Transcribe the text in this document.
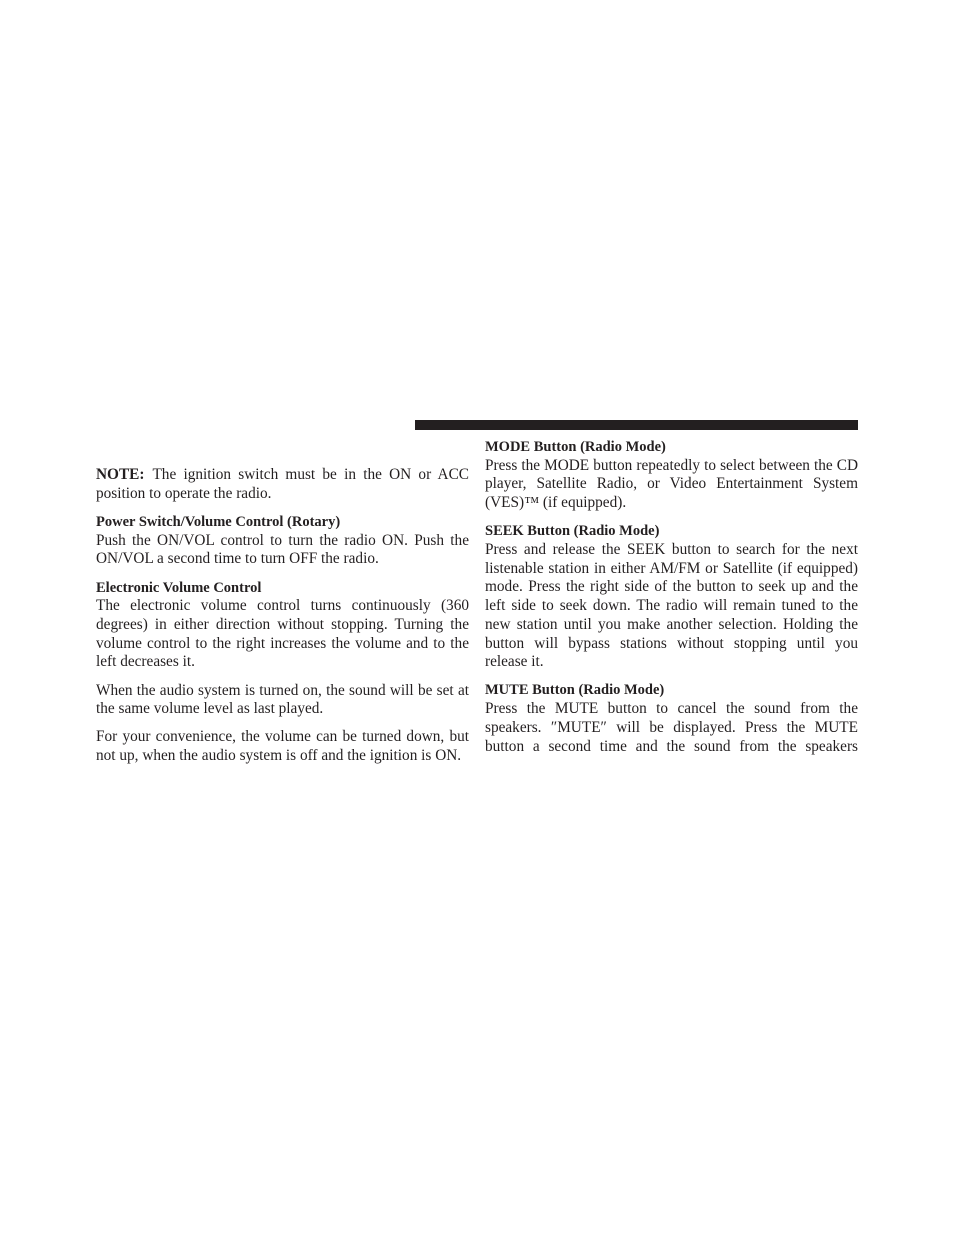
NOTE: The ignition switch must be in the ON or ACC position to operate the radio.

Power Switch/Volume Control (Rotary)

Push the ON/VOL control to turn the radio ON. Push the ON/VOL a second time to turn OFF the radio.

Electronic Volume Control

The electronic volume control turns continuously (360 degrees) in either direction without stopping. Turning the volume control to the right increases the volume and to the left decreases it.

When the audio system is turned on, the sound will be set at the same volume level as last played.

For your convenience, the volume can be turned down, but not up, when the audio system is off and the ignition is ON.

MODE Button (Radio Mode)

Press the MODE button repeatedly to select between the CD player, Satellite Radio, or Video Entertainment System (VES)™ (if equipped).

SEEK Button (Radio Mode)

Press and release the SEEK button to search for the next listenable station in either AM/FM or Satellite (if equipped) mode. Press the right side of the button to seek up and the left side to seek down. The radio will remain tuned to the new station until you make another selection. Holding the button will bypass stations without stopping until you release it.

MUTE Button (Radio Mode)

Press the MUTE button to cancel the sound from the speakers. ″MUTE″ will be displayed. Press the MUTE button a second time and the sound from the speakers
